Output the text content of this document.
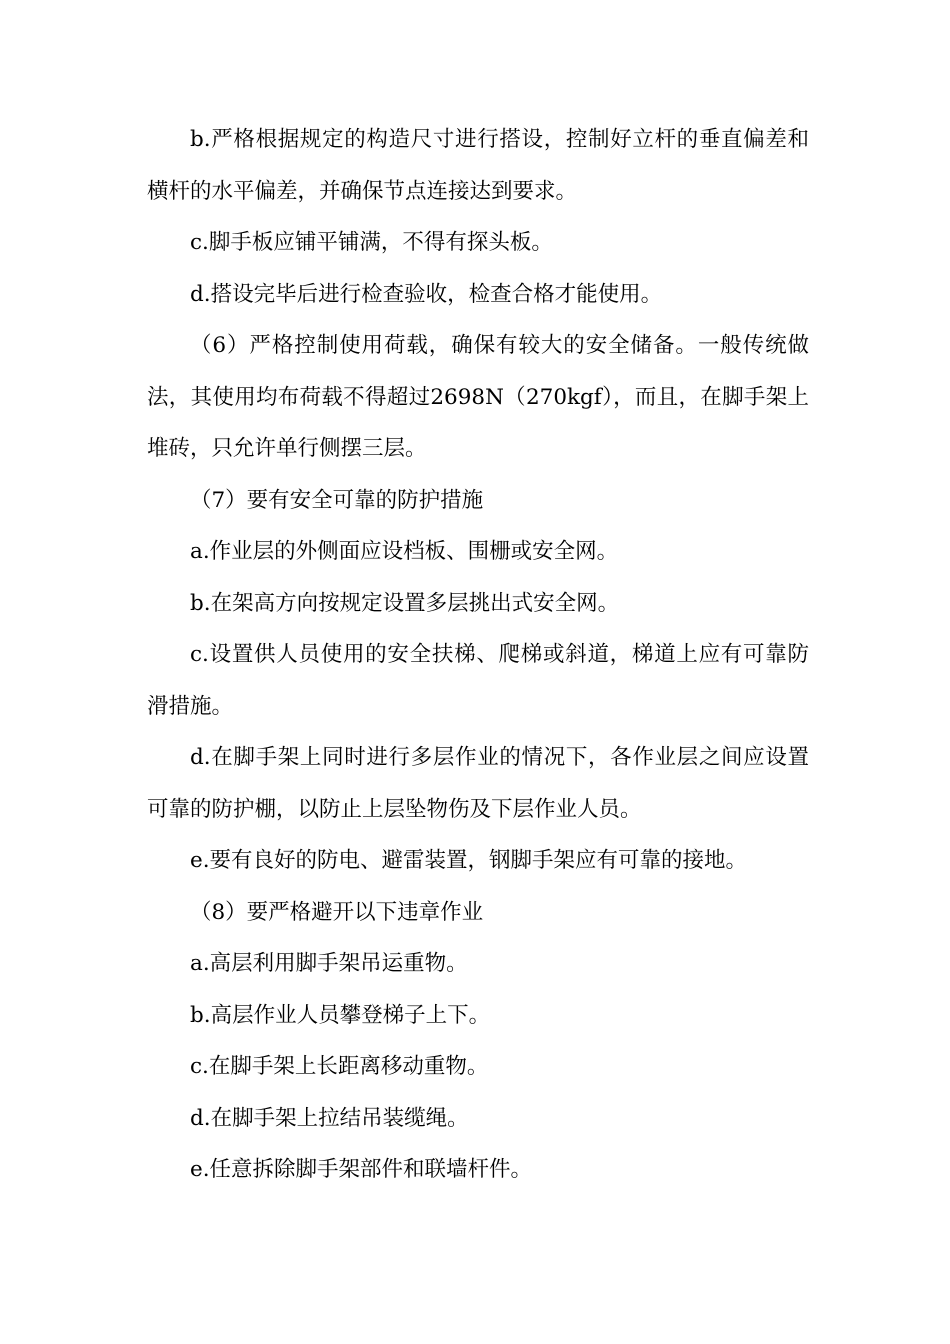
b.严格根据规定的构造尺寸进行搭设，控制好立杆的垂直偏差和横杆的水平偏差，并确保节点连接达到要求。

c.脚手板应铺平铺满，不得有探头板。

d.搭设完毕后进行检查验收，检查合格才能使用。

（6）严格控制使用荷载，确保有较大的安全储备。一般传统做法，其使用均布荷载不得超过2698N（270kgf），而且，在脚手架上堆砖，只允许单行侧摆三层。

（7）要有安全可靠的防护措施

a.作业层的外侧面应设档板、围栅或安全网。

b.在架高方向按规定设置多层挑出式安全网。

c.设置供人员使用的安全扶梯、爬梯或斜道，梯道上应有可靠防滑措施。

d.在脚手架上同时进行多层作业的情况下，各作业层之间应设置可靠的防护棚，以防止上层坠物伤及下层作业人员。

e.要有良好的防电、避雷装置，钢脚手架应有可靠的接地。

（8）要严格避开以下违章作业

a.高层利用脚手架吊运重物。

b.高层作业人员攀登梯子上下。

c.在脚手架上长距离移动重物。

d.在脚手架上拉结吊装缆绳。

e.任意拆除脚手架部件和联墙杆件。
